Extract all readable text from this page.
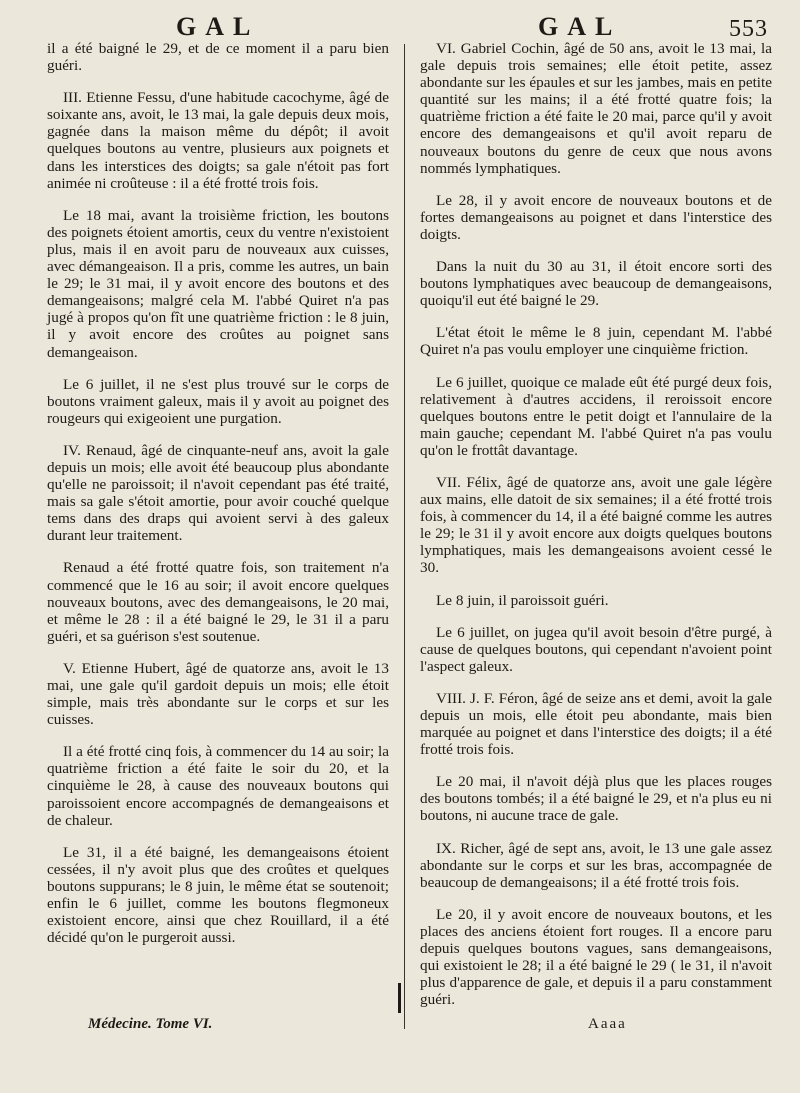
GAL	GAL	553

il a été baigné le 29, et de ce moment il a paru bien guéri.

III. Etienne Fessu, d'une habitude cacochyme, âgé de soixante ans, avoit, le 13 mai, la gale depuis deux mois, gagnée dans la maison même du dépôt; il avoit quelques boutons au ventre, plusieurs aux poignets et dans les interstices des doigts; sa gale n'étoit pas fort animée ni croûteuse : il a été frotté trois fois.

Le 18 mai, avant la troisième friction, les boutons des poignets étoient amortis, ceux du ventre n'existoient plus, mais il en avoit paru de nouveaux aux cuisses, avec démangeaison. Il a pris, comme les autres, un bain le 29; le 31 mai, il y avoit encore des boutons et des demangeaisons; malgré cela M. l'abbé Quiret n'a pas jugé à propos qu'on fît une quatrième friction : le 8 juin, il y avoit encore des croûtes au poignet sans demangeaison.

Le 6 juillet, il ne s'est plus trouvé sur le corps de boutons vraiment galeux, mais il y avoit au poignet des rougeurs qui exigeoient une purgation.

IV. Renaud, âgé de cinquante-neuf ans, avoit la gale depuis un mois; elle avoit été beaucoup plus abondante qu'elle ne paroissoit; il n'avoit cependant pas été traité, mais sa gale s'étoit amortie, pour avoir couché quelque tems dans des draps qui avoient servi à des galeux durant leur traitement.

Renaud a été frotté quatre fois, son traitement n'a commencé que le 16 au soir; il avoit encore quelques nouveaux boutons, avec des demangeaisons, le 20 mai, et même le 28 : il a été baigné le 29, le 31 il a paru guéri, et sa guérison s'est soutenue.

V. Etienne Hubert, âgé de quatorze ans, avoit le 13 mai, une gale qu'il gardoit depuis un mois; elle étoit simple, mais très abondante sur le corps et sur les cuisses.

Il a été frotté cinq fois, à commencer du 14 au soir; la quatrième friction a été faite le soir du 20, et la cinquième le 28, à cause des nouveaux boutons qui paroissoient encore accompagnés de demangeaisons et de chaleur.

Le 31, il a été baigné, les demangeaisons étoient cessées, il n'y avoit plus que des croûtes et quelques boutons suppurans; le 8 juin, le même état se soutenoit; enfin le 6 juillet, comme les boutons flegmoneux existoient encore, ainsi que chez Rouillard, il a été décidé qu'on le purgeroit aussi.

VI. Gabriel Cochin, âgé de 50 ans, avoit le 13 mai, la gale depuis trois semaines; elle étoit petite, assez abondante sur les épaules et sur les jambes, mais en petite quantité sur les mains; il a été frotté quatre fois; la quatrième friction a été faite le 20 mai, parce qu'il y avoit encore des demangeaisons et qu'il avoit reparu de nouveaux boutons du genre de ceux que nous avons nommés lymphatiques.

Le 28, il y avoit encore de nouveaux boutons et de fortes demangeaisons au poignet et dans l'interstice des doigts.

Dans la nuit du 30 au 31, il étoit encore sorti des boutons lymphatiques avec beaucoup de demangeaisons, quoiqu'il eut été baigné le 29.

L'état étoit le même le 8 juin, cependant M. l'abbé Quiret n'a pas voulu employer une cinquième friction.

Le 6 juillet, quoique ce malade eût été purgé deux fois, relativement à d'autres accidens, il reroissoit encore quelques boutons entre le petit doigt et l'annulaire de la main gauche; cependant M. l'abbé Quiret n'a pas voulu qu'on le frottât davantage.

VII. Félix, âgé de quatorze ans, avoit une gale légère aux mains, elle datoit de six semaines; il a été frotté trois fois, à commencer du 14, il a été baigné comme les autres le 29; le 31 il y avoit encore aux doigts quelques boutons lymphatiques, mais les demangeaisons avoient cessé le 30.

Le 8 juin, il paroissoit guéri.

Le 6 juillet, on jugea qu'il avoit besoin d'être purgé, à cause de quelques boutons, qui cependant n'avoient point l'aspect galeux.

VIII. J. F. Féron, âgé de seize ans et demi, avoit la gale depuis un mois, elle étoit peu abondante, mais bien marquée au poignet et dans l'interstice des doigts; il a été frotté trois fois.

Le 20 mai, il n'avoit déjà plus que les places rouges des boutons tombés; il a été baigné le 29, et n'a plus eu ni boutons, ni aucune trace de gale.

IX. Richer, âgé de sept ans, avoit, le 13 une gale assez abondante sur le corps et sur les bras, accompagnée de beaucoup de demangeaisons; il a été frotté trois fois.

Le 20, il y avoit encore de nouveaux boutons, et les places des anciens étoient fort rouges. Il a encore paru depuis quelques boutons vagues, sans demangeaisons, qui existoient le 28; il a été baigné le 29 ( le 31, il n'avoit plus d'apparence de gale, et depuis il a paru constamment guéri.

Médecine. Tome VI.	Aaaa
